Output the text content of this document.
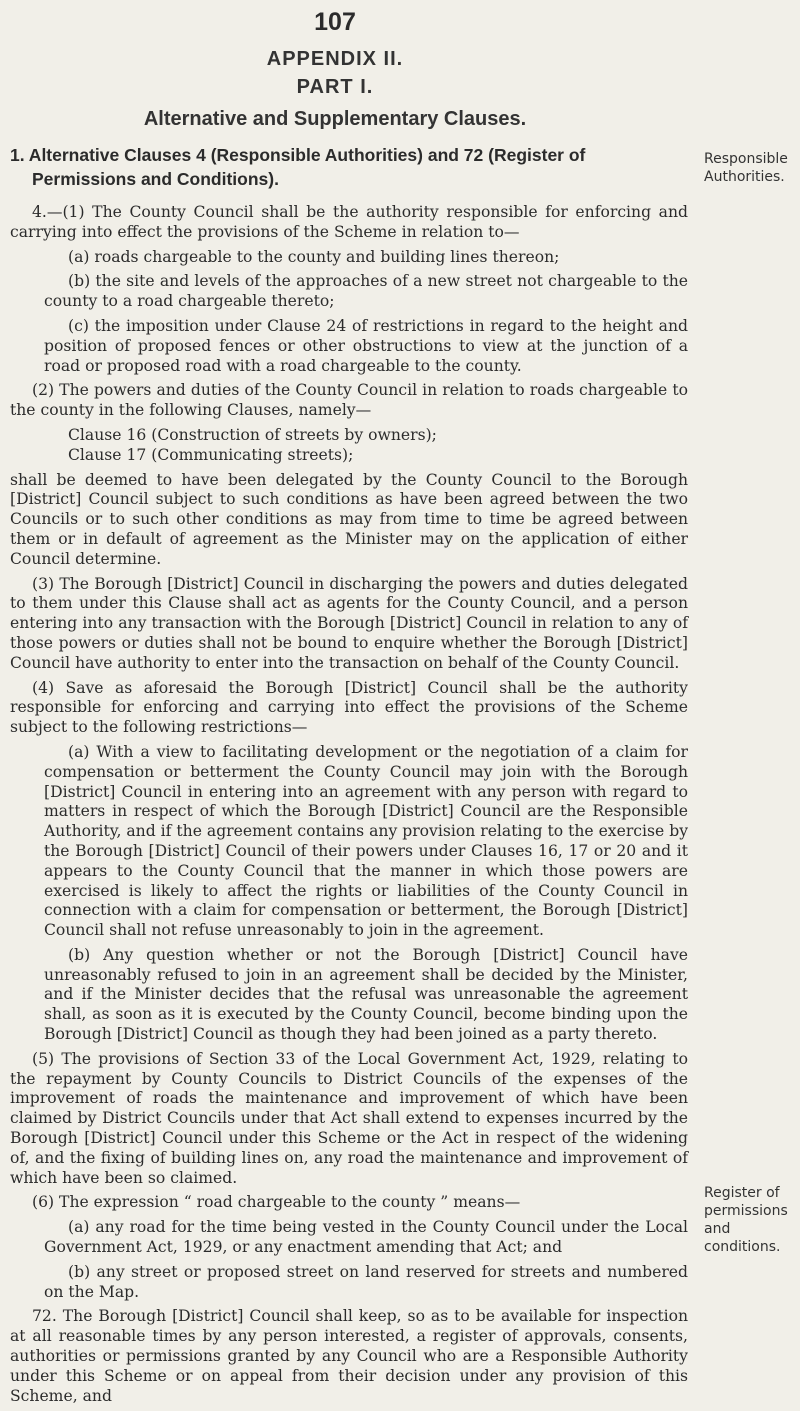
107
APPENDIX II.
PART I.
Alternative and Supplementary Clauses.
1. Alternative Clauses 4 (Responsible Authorities) and 72 (Register of
Permissions and Conditions).
Responsible Authorities.
Register of permissions and conditions.

4.—(1) The County Council shall be the authority responsible for enforcing and carrying into effect the provisions of the Scheme in relation to—

(a) roads chargeable to the county and building lines thereon;

(b) the site and levels of the approaches of a new street not chargeable to the county to a road chargeable thereto;

(c) the imposition under Clause 24 of restrictions in regard to the height and position of proposed fences or other obstructions to view at the junction of a road or proposed road with a road chargeable to the county.

(2) The powers and duties of the County Council in relation to roads chargeable to the county in the following Clauses, namely—

Clause 16 (Construction of streets by owners);

Clause 17 (Communicating streets);

shall be deemed to have been delegated by the County Council to the Borough [District] Council subject to such conditions as have been agreed between the two Councils or to such other conditions as may from time to time be agreed between them or in default of agreement as the Minister may on the application of either Council determine.

(3) The Borough [District] Council in discharging the powers and duties delegated to them under this Clause shall act as agents for the County Council, and a person entering into any transaction with the Borough [District] Council in relation to any of those powers or duties shall not be bound to enquire whether the Borough [District] Council have authority to enter into the transaction on behalf of the County Council.

(4) Save as aforesaid the Borough [District] Council shall be the authority responsible for enforcing and carrying into effect the provisions of the Scheme subject to the following restrictions—

(a) With a view to facilitating development or the negotiation of a claim for compensation or betterment the County Council may join with the Borough [District] Council in entering into an agreement with any person with regard to matters in respect of which the Borough [District] Council are the Responsible Authority, and if the agreement contains any provision relating to the exercise by the Borough [District] Council of their powers under Clauses 16, 17 or 20 and it appears to the County Council that the manner in which those powers are exercised is likely to affect the rights or liabilities of the County Council in connection with a claim for compensation or betterment, the Borough [District] Council shall not refuse unreasonably to join in the agreement.

(b) Any question whether or not the Borough [District] Council have unreasonably refused to join in an agreement shall be decided by the Minister, and if the Minister decides that the refusal was unreasonable the agreement shall, as soon as it is executed by the County Council, become binding upon the Borough [District] Council as though they had been joined as a party thereto.

(5) The provisions of Section 33 of the Local Government Act, 1929, relating to the repayment by County Councils to District Councils of the expenses of the improvement of roads the maintenance and improvement of which have been claimed by District Councils under that Act shall extend to expenses incurred by the Borough [District] Council under this Scheme or the Act in respect of the widening of, and the fixing of building lines on, any road the maintenance and improvement of which have been so claimed.

(6) The expression “ road chargeable to the county ” means—

(a) any road for the time being vested in the County Council under the Local Government Act, 1929, or any enactment amending that Act; and

(b) any street or proposed street on land reserved for streets and numbered            on the Map.

72. The Borough [District] Council shall keep, so as to be available for inspection at all reasonable times by any person interested, a register of approvals, consents, authorities or permissions granted by any Council who are a Responsible Authority under this Scheme or on appeal from their decision under any provision of this Scheme, and
